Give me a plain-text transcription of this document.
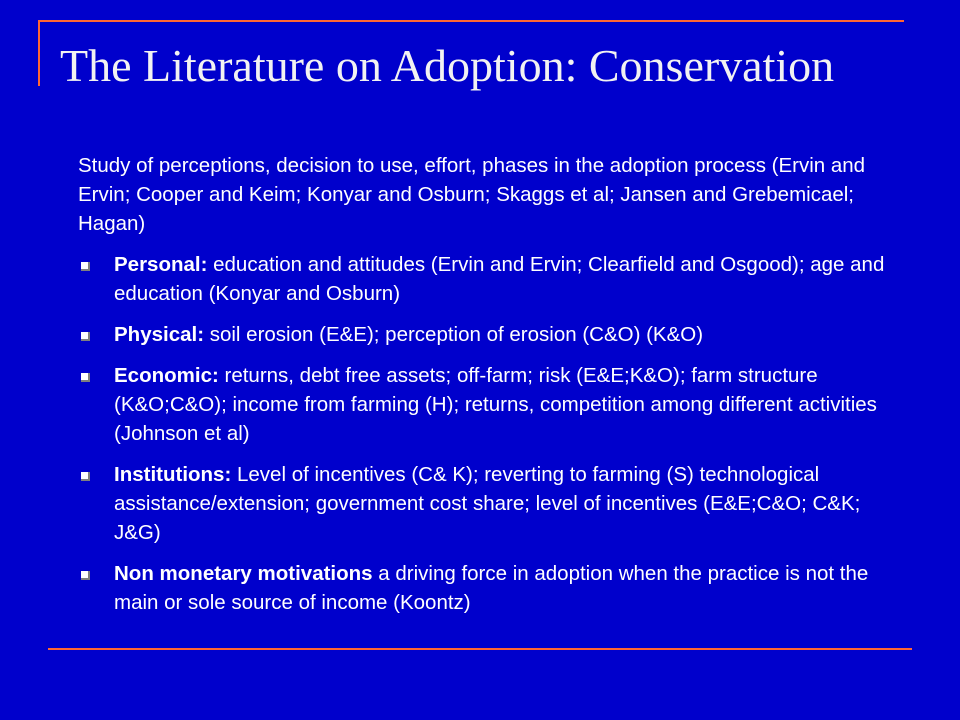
The Literature on Adoption: Conservation

Study of perceptions, decision to use, effort, phases in the adoption process (Ervin and Ervin; Cooper and Keim; Konyar and Osburn; Skaggs et al; Jansen and Grebemicael; Hagan)

Personal: education and attitudes (Ervin and Ervin; Clearfield and Osgood); age and education (Konyar and Osburn)
Physical: soil erosion (E&E); perception of erosion (C&O) (K&O)
Economic: returns, debt free assets; off-farm; risk (E&E;K&O); farm structure (K&O;C&O); income from farming (H); returns, competition among different activities (Johnson et al)
Institutions: Level of incentives (C& K); reverting to farming (S) technological assistance/extension; government cost share; level of incentives (E&E;C&O; C&K; J&G)
Non monetary motivations a driving force in adoption when the practice is not the main or sole source of income (Koontz)
